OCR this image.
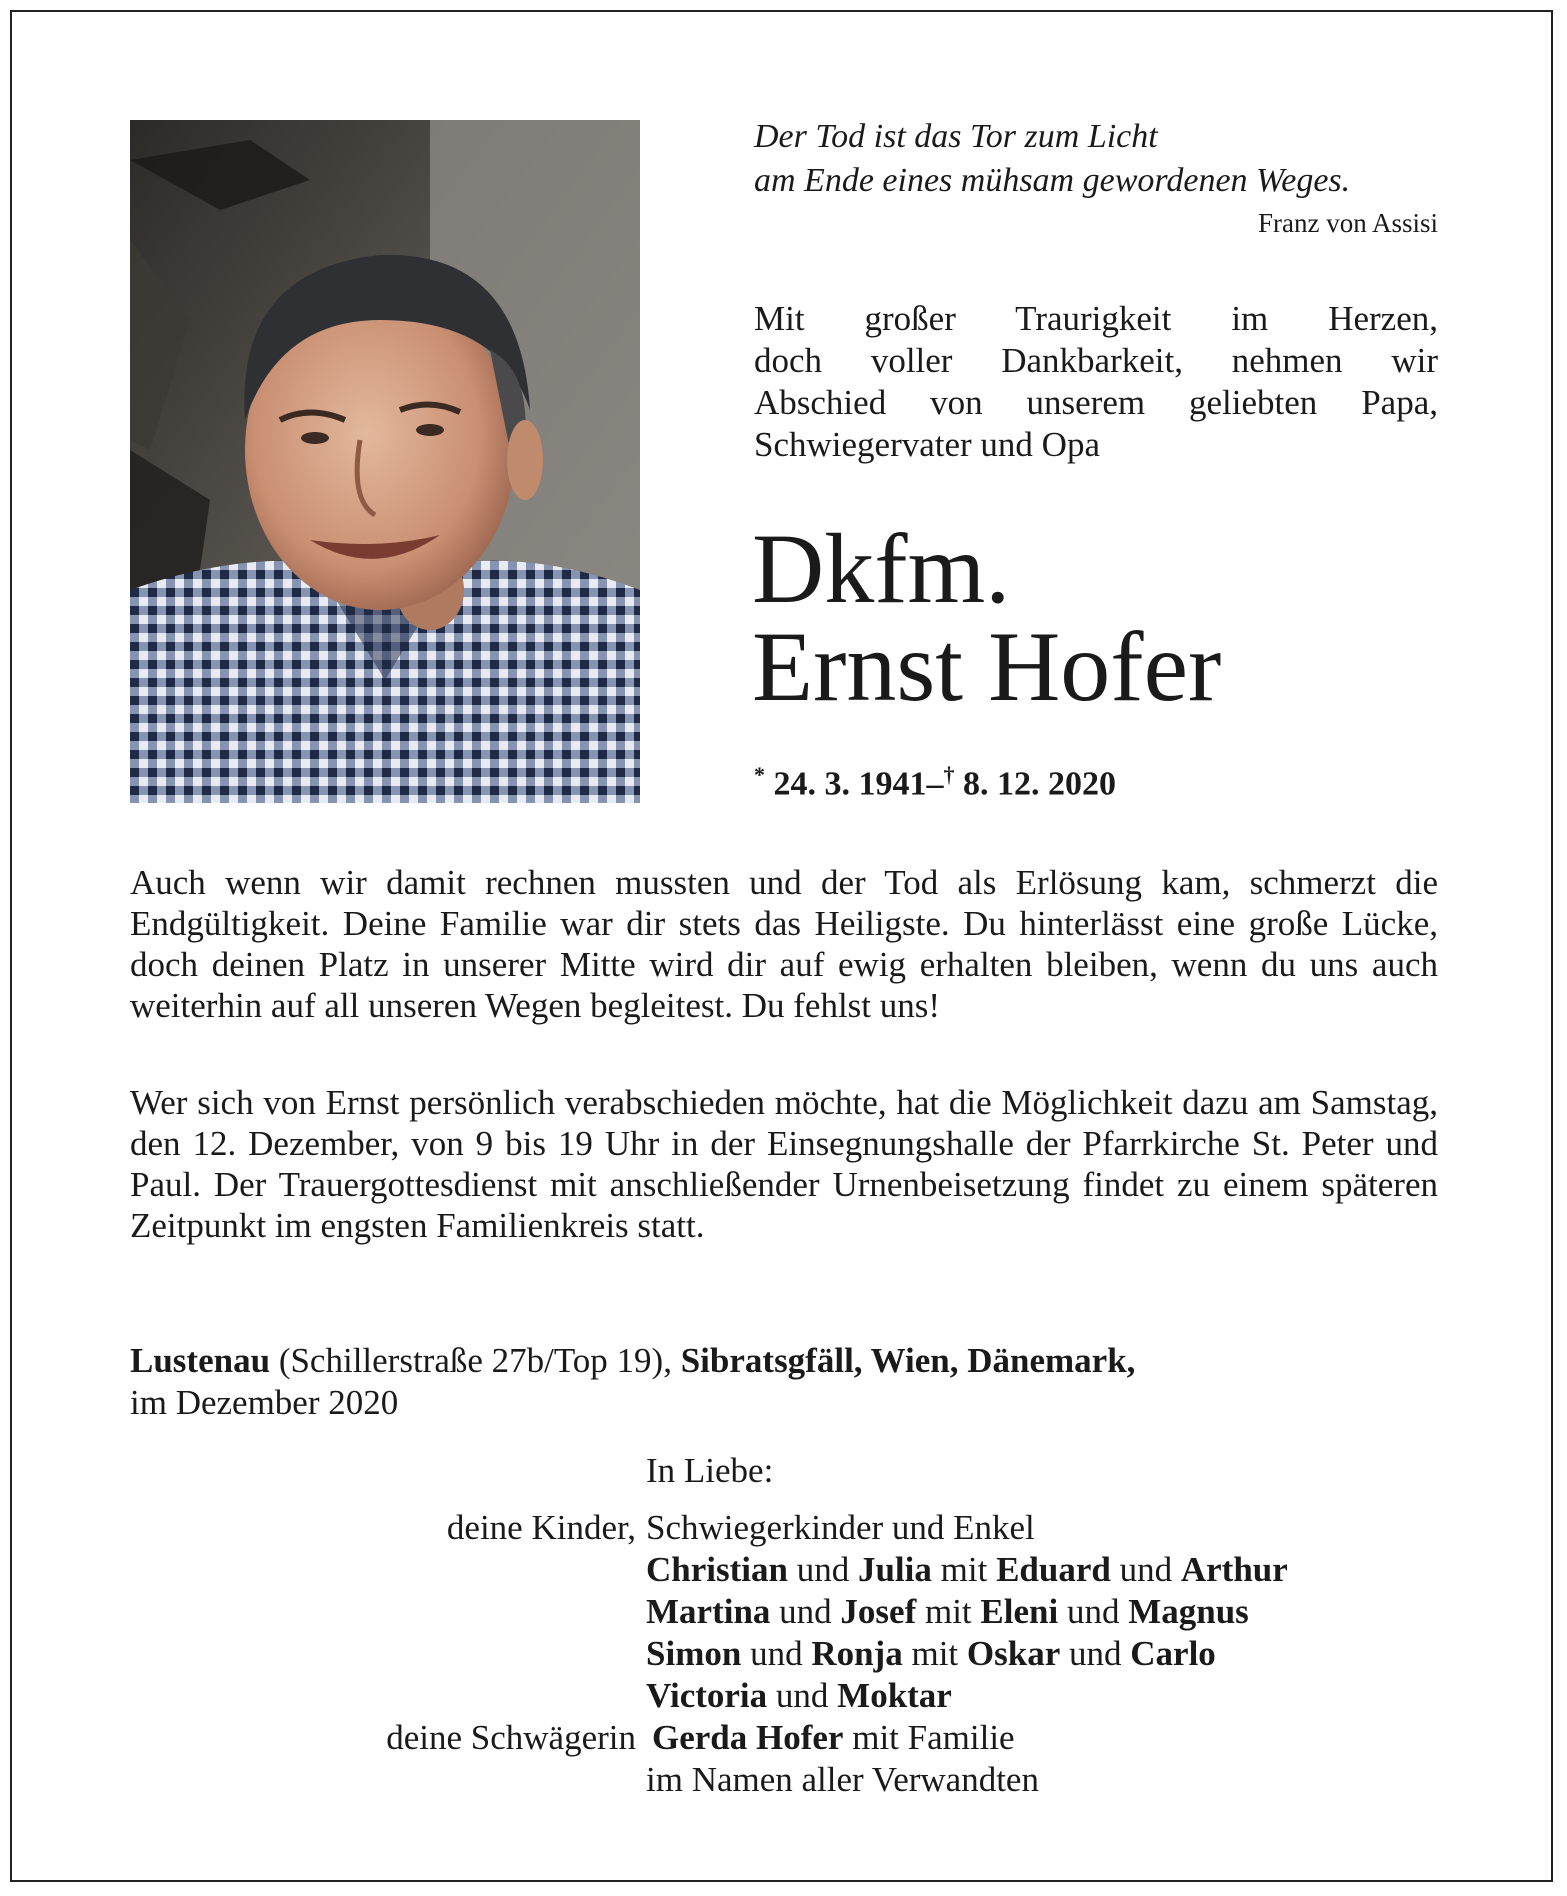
Der Tod ist das Tor zum Licht
am Ende eines mühsam gewordenen Weges.
Franz von Assisi
Mit großer Traurigkeit im Herzen,
doch voller Dankbarkeit, nehmen wir
Abschied von unserem geliebten Papa,
Schwiegervater und Opa
Dkfm.
Ernst Hofer
* 24. 3. 1941–† 8. 12. 2020
Auch wenn wir damit rechnen mussten und der Tod als Erlösung kam, schmerzt die Endgültigkeit. Deine Familie war dir stets das Heiligste. Du hinterlässt eine große Lücke, doch deinen Platz in unserer Mitte wird dir auf ewig erhalten bleiben, wenn du uns auch weiterhin auf all unseren Wegen begleitest. Du fehlst uns!
Wer sich von Ernst persönlich verabschieden möchte, hat die Möglichkeit dazu am Samstag, den 12. Dezember, von 9 bis 19 Uhr in der Einsegnungshalle der Pfarrkirche St. Peter und Paul. Der Trauergottesdienst mit anschließender Urnenbeisetzung findet zu einem späteren Zeitpunkt im engsten Familienkreis statt.
Lustenau (Schillerstraße 27b/Top 19), Sibratsgfäll, Wien, Dänemark,
im Dezember 2020
In Liebe:
deine Kinder, Schwiegerkinder und Enkel
Christian und Julia mit Eduard und Arthur
Martina und Josef mit Eleni und Magnus
Simon und Ronja mit Oskar und Carlo
Victoria und Moktar
deine Schwägerin Gerda Hofer mit Familie
im Namen aller Verwandten
